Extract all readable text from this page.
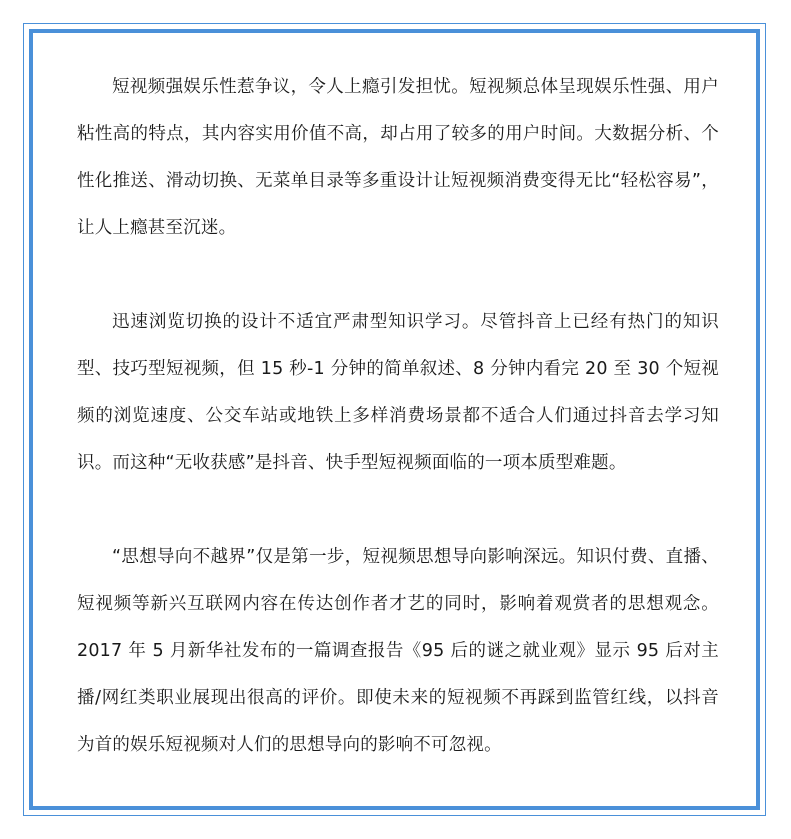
短视频强娱乐性惹争议，令人上瘾引发担忧。短视频总体呈现娱乐性强、用户粘性高的特点，其内容实用价值不高，却占用了较多的用户时间。大数据分析、个性化推送、滑动切换、无菜单目录等多重设计让短视频消费变得无比“轻松容易”，让人上瘾甚至沉迷。

迅速浏览切换的设计不适宜严肃型知识学习。尽管抖音上已经有热门的知识型、技巧型短视频，但 15 秒-1 分钟的简单叙述、8 分钟内看完 20 至 30 个短视频的浏览速度、公交车站或地铁上多样消费场景都不适合人们通过抖音去学习知识。而这种“无收获感”是抖音、快手型短视频面临的一项本质型难题。

“思想导向不越界”仅是第一步，短视频思想导向影响深远。知识付费、直播、短视频等新兴互联网内容在传达创作者才艺的同时，影响着观赏者的思想观念。2017 年 5 月新华社发布的一篇调查报告《95 后的谜之就业观》显示 95 后对主播/网红类职业展现出很高的评价。即使未来的短视频不再踩到监管红线，以抖音为首的娱乐短视频对人们的思想导向的影响不可忽视。
